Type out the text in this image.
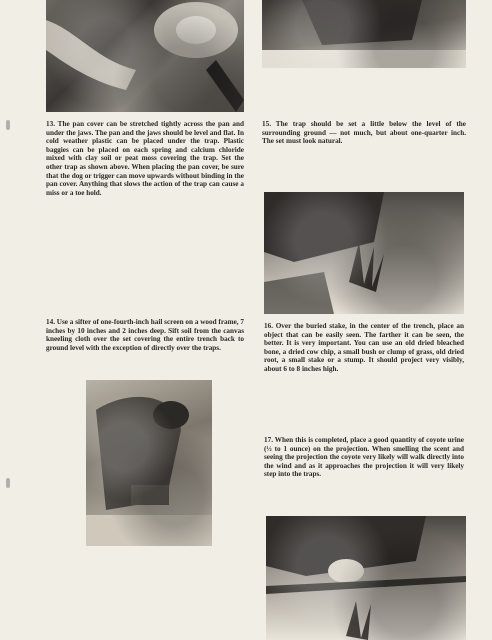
13. The pan cover can be stretched tightly across the pan and under the jaws. The pan and the jaws should be level and flat. In cold weather plastic can be placed under the trap. Plastic baggies can be placed on each spring and calcium chloride mixed with clay soil or peat moss covering the trap. Set the other trap as shown above. When placing the pan cover, be sure that the dog or trigger can move upwards without binding in the pan cover. Anything that slows the action of the trap can cause a miss or a toe hold.
14. Use a sifter of one-fourth-inch hail screen on a wood frame, 7 inches by 10 inches and 2 inches deep. Sift soil from the canvas kneeling cloth over the set covering the entire trench back to ground level with the exception of directly over the traps.
15. The trap should be set a little below the level of the surrounding ground — not much, but about one-quarter inch. The set must look natural.
16. Over the buried stake, in the center of the trench, place an object that can be easily seen. The farther it can be seen, the better. It is very important. You can use an old dried bleached bone, a dried cow chip, a small bush or clump of grass, old dried root, a small stake or a stump. It should project very visibly, about 6 to 8 inches high.
17. When this is completed, place a good quantity of coyote urine (½ to 1 ounce) on the projection. When smelling the scent and seeing the projection the coyote very likely will walk directly into the wind and as it approaches the projection it will very likely step into the traps.
